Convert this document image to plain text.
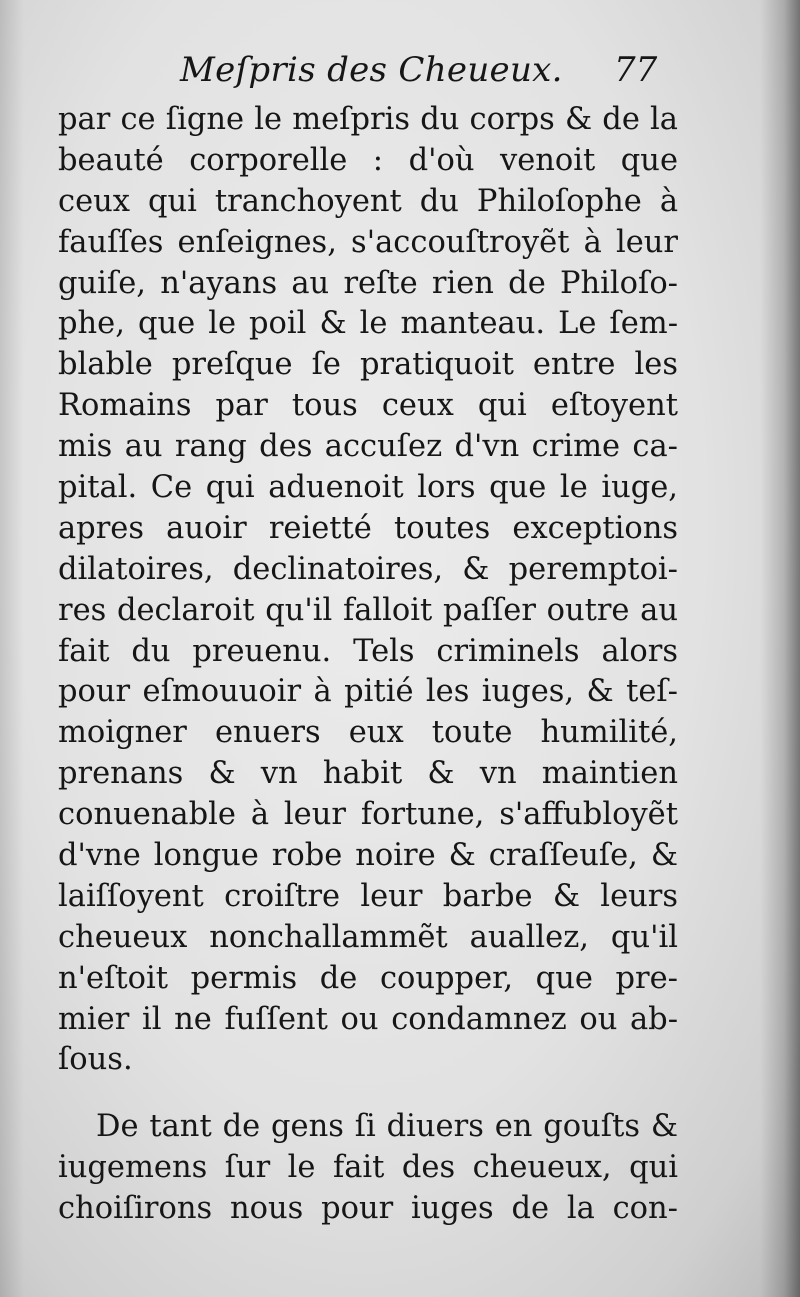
Meſpris des Cheueux. 77
par ce ſigne le meſpris du corps & de la
beauté corporelle : d'où venoit que
ceux qui tranchoyent du Philoſophe à
fauſſes enſeignes, s'accouſtroyẽt à leur
guiſe, n'ayans au reſte rien de Philoſo-
phe, que le poil & le manteau. Le ſem-
blable preſque ſe pratiquoit entre les
Romains par tous ceux qui eſtoyent
mis au rang des accuſez d'vn crime ca-
pital. Ce qui aduenoit lors que le iuge,
apres auoir reietté toutes exceptions
dilatoires, declinatoires, & peremptoi-
res declaroit qu'il falloit paſſer outre au
fait du preuenu. Tels criminels alors
pour eſmouuoir à pitié les iuges, & teſ-
moigner enuers eux toute humilité,
prenans & vn habit & vn maintien
conuenable à leur fortune, s'affubloyẽt
d'vne longue robe noire & craſſeuſe, &
laiſſoyent croiſtre leur barbe & leurs
cheueux nonchallammẽt auallez, qu'il
n'eſtoit permis de coupper, que pre-
mier il ne fuſſent ou condamnez ou ab-
ſous.
De tant de gens ſi diuers en gouſts &
iugemens ſur le fait des cheueux, qui
choiſirons nous pour iuges de la con-
